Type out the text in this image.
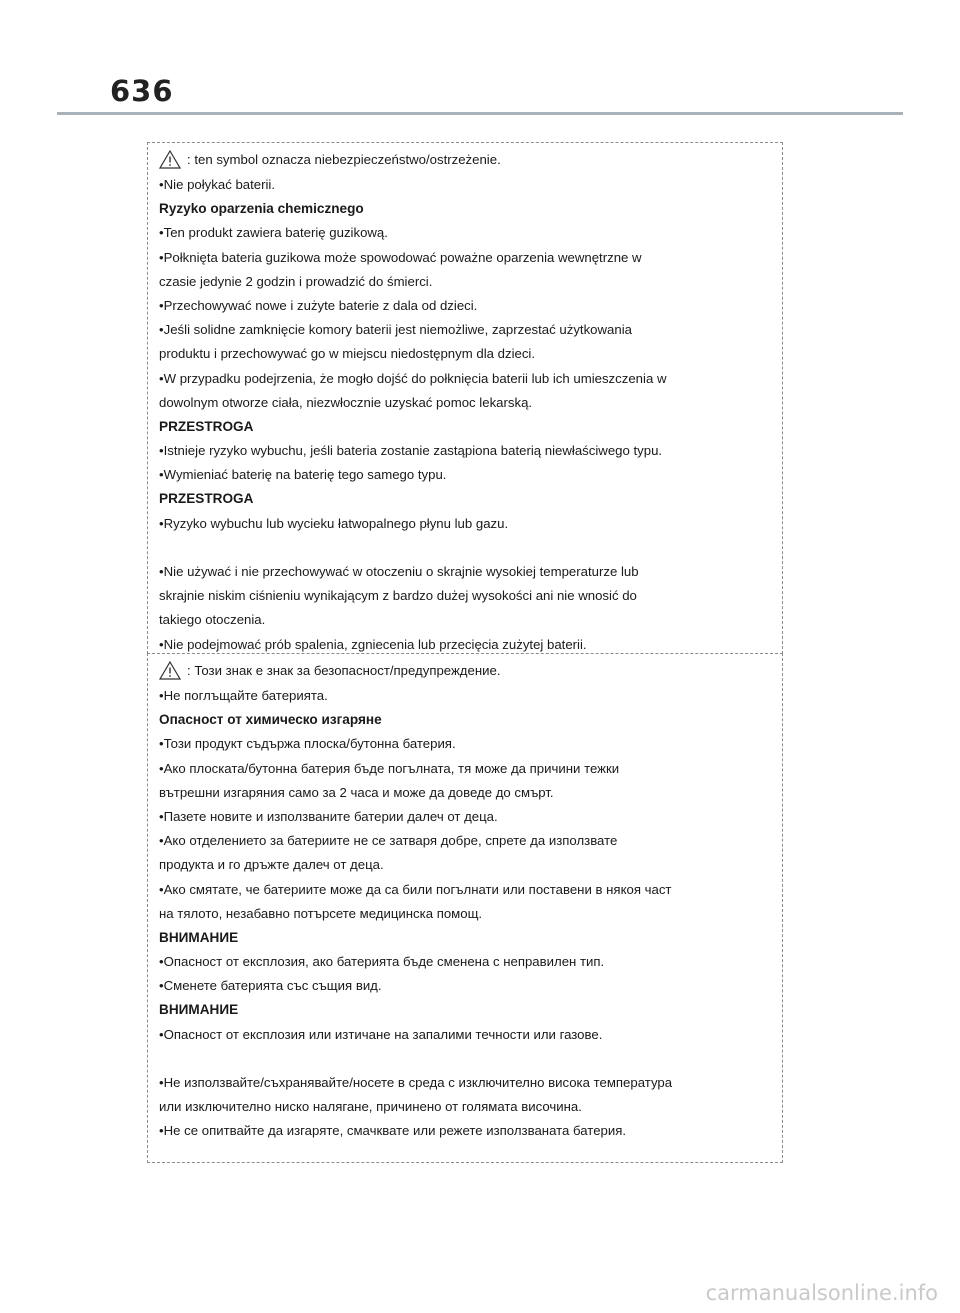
636
: ten symbol oznacza niebezpieczeństwo/ostrzeżenie.
•Nie połykać baterii.
Ryzyko oparzenia chemicznego
•Ten produkt zawiera baterię guzikową.
•Połknięta bateria guzikowa może spowodować poważne oparzenia wewnętrzne w
czasie jedynie 2 godzin i prowadzić do śmierci.
•Przechowywać nowe i zużyte baterie z dala od dzieci.
•Jeśli solidne zamknięcie komory baterii jest niemożliwe, zaprzestać użytkowania
produktu i przechowywać go w miejscu niedostępnym dla dzieci.
•W przypadku podejrzenia, że mogło dojść do połknięcia baterii lub ich umieszczenia w
dowolnym otworze ciała, niezwłocznie uzyskać pomoc lekarską.
PRZESTROGA
•Istnieje ryzyko wybuchu, jeśli bateria zostanie zastąpiona baterią niewłaściwego typu.
•Wymieniać baterię na baterię tego samego typu.
PRZESTROGA
•Ryzyko wybuchu lub wycieku łatwopalnego płynu lub gazu.
•Nie używać i nie przechowywać w otoczeniu o skrajnie wysokiej temperaturze lub
skrajnie niskim ciśnieniu wynikającym z bardzo dużej wysokości ani nie wnosić do
takiego otoczenia.
•Nie podejmować prób spalenia, zgniecenia lub przecięcia zużytej baterii.
: Този знак е знак за безопасност/предупреждение.
•Не поглъщайте батерията.
Опасност от химическо изгаряне
•Този продукт съдържа плоска/бутонна батерия.
•Ако плоската/бутонна батерия бъде погълната, тя може да причини тежки
вътрешни изгаряния само за 2 часа и може да доведе до смърт.
•Пазете новите и използваните батерии далеч от деца.
•Ако отделението за батериите не се затваря добре, спрете да използвате
продукта и го дръжте далеч от деца.
•Ако смятате, че батериите може да са били погълнати или поставени в някоя част
на тялото, незабавно потърсете медицинска помощ.
ВНИМАНИЕ
•Опасност от експлозия, ако батерията бъде сменена с неправилен тип.
•Сменете батерията със същия вид.
ВНИМАНИЕ
•Опасност от експлозия или изтичане на запалими течности или газове.
•Не използвайте/съхранявайте/носете в среда с изключително висока температура
или изключително ниско налягане, причинено от голямата височина.
•Не се опитвайте да изгаряте, смачквате или режете използваната батерия.
carmanualsonline.info
